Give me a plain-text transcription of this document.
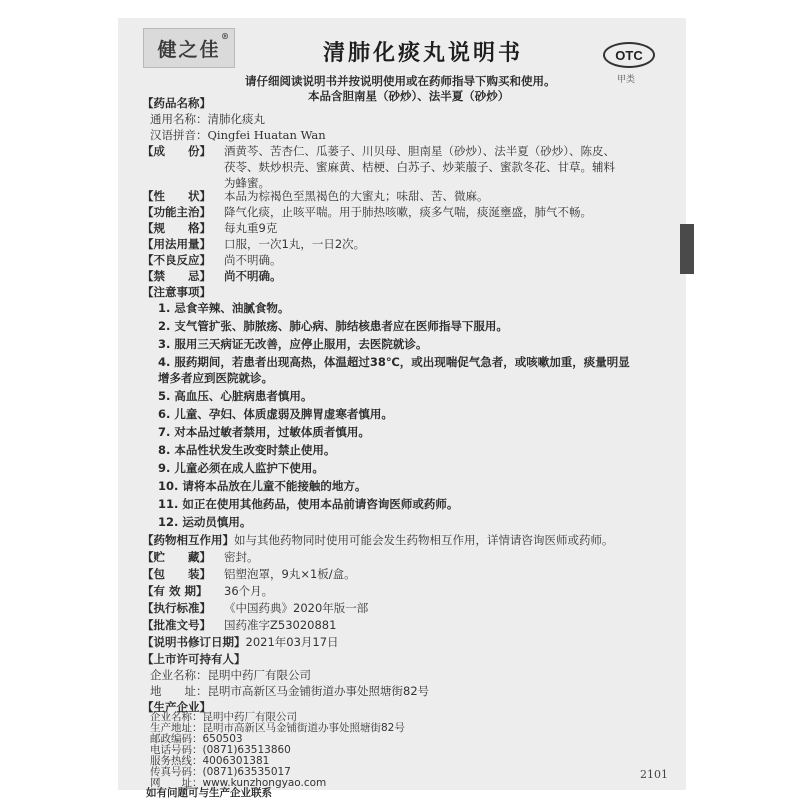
健之佳
®
清肺化痰丸说明书	OTC
甲类
请仔细阅读说明书并按说明使用或在药师指导下购买和使用。
本品含胆南星（砂炒）、法半夏（砂炒）
【药品名称】
通用名称：清肺化痰丸
汉语拼音：Qingfei Huatan Wan
【成　　份】 酒黄芩、苦杏仁、瓜蒌子、川贝母、胆南星（砂炒）、法半夏（砂炒）、陈皮、
茯苓、麸炒枳壳、蜜麻黄、桔梗、白苏子、炒莱菔子、蜜款冬花、甘草。辅料
为蜂蜜。
【性　　状】 本品为棕褐色至黑褐色的大蜜丸；味甜、苦、微麻。
【功能主治】 降气化痰，止咳平喘。用于肺热咳嗽，痰多气喘，痰涎壅盛，肺气不畅。
【规　　格】 每丸重9克
【用法用量】 口服，一次1丸，一日2次。
【不良反应】 尚不明确。
【禁　　忌】 尚不明确。
【注意事项】
1. 忌食辛辣、油腻食物。
2. 支气管扩张、肺脓疡、肺心病、肺结核患者应在医师指导下服用。
3. 服用三天病证无改善，应停止服用，去医院就诊。
4. 服药期间，若患者出现高热，体温超过38℃，或出现喘促气急者，或咳嗽加重，痰量明显
增多者应到医院就诊。
5. 高血压、心脏病患者慎用。
6. 儿童、孕妇、体质虚弱及脾胃虚寒者慎用。
7. 对本品过敏者禁用，过敏体质者慎用。
8. 本品性状发生改变时禁止使用。
9. 儿童必须在成人监护下使用。
10. 请将本品放在儿童不能接触的地方。
11. 如正在使用其他药品，使用本品前请咨询医师或药师。
12. 运动员慎用。
【药物相互作用】如与其他药物同时使用可能会发生药物相互作用，详情请咨询医师或药师。
【贮　　藏】 密封。
【包　　装】 铝塑泡罩，9丸×1板/盒。
【有 效 期】 36个月。
【执行标准】 《中国药典》2020年版一部
【批准文号】 国药准字Z53020881
【说明书修订日期】2021年03月17日
【上市许可持有人】
企业名称：昆明中药厂有限公司
地　　址：昆明市高新区马金铺街道办事处照塘街82号
【生产企业】
企业名称：昆明中药厂有限公司
生产地址：昆明市高新区马金铺街道办事处照塘街82号
邮政编码：650503
电话号码：(0871)63513860
服务热线：4006301381
传真号码：(0871)63535017
网　　址：www.kunzhongyao.com
如有问题可与生产企业联系
2101
